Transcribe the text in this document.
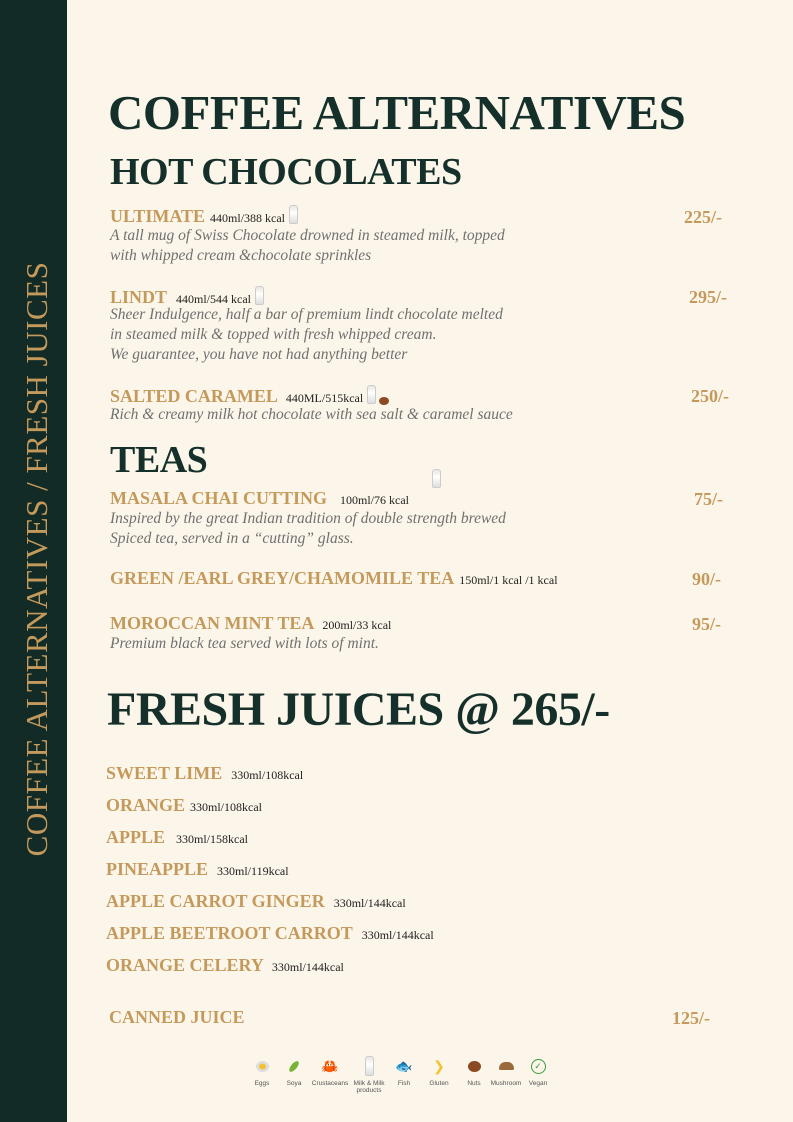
COFFEE ALTERNATIVES / FRESH JUICES
COFFEE ALTERNATIVES
HOT CHOCOLATES
ULTIMATE 440ml/388 kcal	225/-
A tall mug of Swiss Chocolate drowned in steamed milk, topped
with whipped cream &chocolate sprinkles
LINDT 440ml/544 kcal	295/-
Sheer Indulgence, half a bar of premium lindt chocolate melted
in steamed milk & topped with fresh whipped cream.
We guarantee, you have not had anything better
SALTED CARAMEL 440ML/515kcal	250/-
Rich & creamy milk hot chocolate with sea salt & caramel sauce
TEAS
MASALA CHAI CUTTING 100ml/76 kcal	75/-
Inspired by the great Indian tradition of double strength brewed
Spiced tea, served in a “cutting” glass.
GREEN /EARL GREY/CHAMOMILE TEA 150ml/1 kcal /1 kcal	90/-
MOROCCAN MINT TEA 200ml/33 kcal	95/-
Premium black tea served with lots of mint.
FRESH JUICES @ 265/-
SWEET LIME 330ml/108kcal
ORANGE 330ml/108kcal
APPLE 330ml/158kcal
PINEAPPLE 330ml/119kcal
APPLE CARROT GINGER 330ml/144kcal
APPLE BEETROOT CARROT 330ml/144kcal
ORANGE CELERY 330ml/144kcal
CANNED JUICE	125/-
Eggs	Soya
🦀
Crustaceans Milk & Milk products
🐟
Fish
❯
Gluten	Nuts Mushroom
✓
Vegan
